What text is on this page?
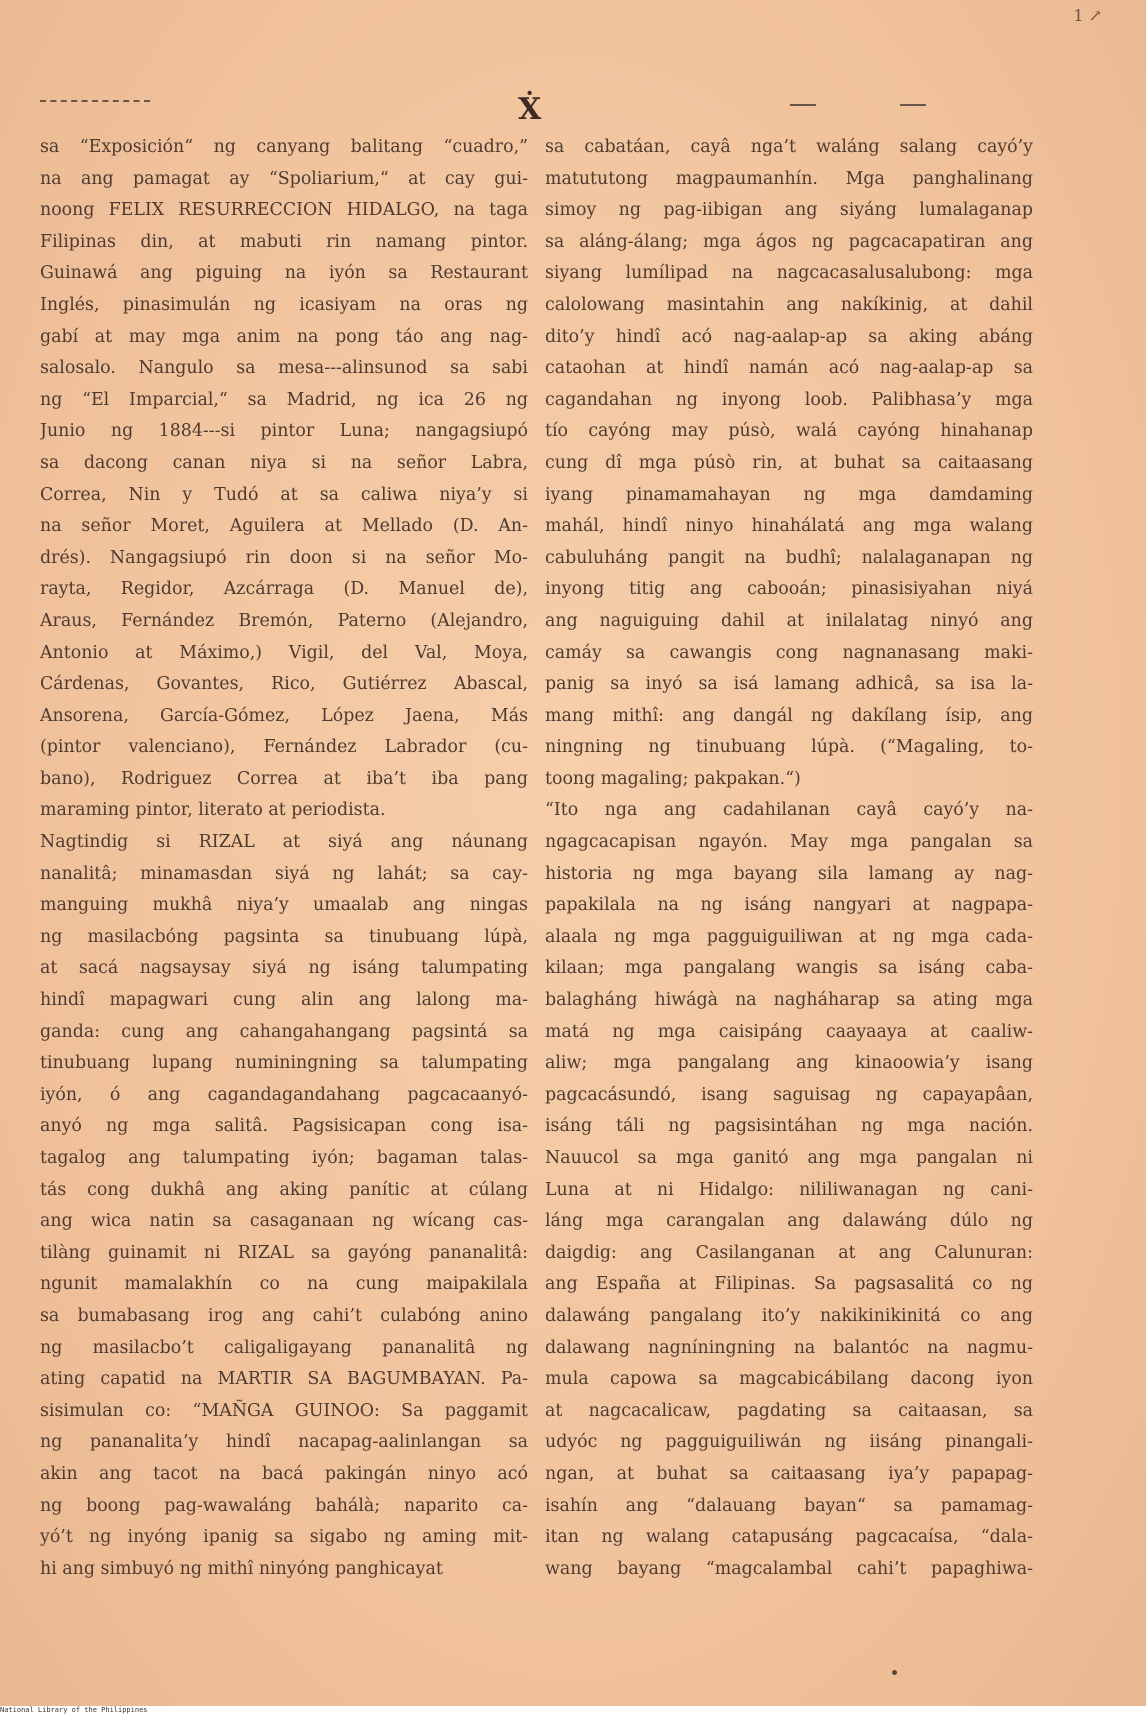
1 ↗
Ẋ
sa “Exposición“ ng canyang balitang “cuadro,”
na ang pamagat ay “Spoliarium,“ at cay gui-
noong FELIX RESURRECCION HIDALGO, na taga
Filipinas din, at mabuti rin namang pintor.
Guinawá ang piguing na iyón sa Restaurant
Inglés, pinasimulán ng icasiyam na oras ng
gabí at may mga anim na pong táo ang nag-
salosalo. Nangulo sa mesa---alinsunod sa sabi
ng “El Imparcial,“ sa Madrid, ng ica 26 ng
Junio ng 1884---si pintor Luna; nangagsiupó
sa dacong canan niya si na señor Labra,
Correa, Nin y Tudó at sa caliwa niya’y si
na señor Moret, Aguilera at Mellado (D. An-
drés). Nangagsiupó rin doon si na señor Mo-
rayta, Regidor, Azcárraga (D. Manuel de),
Araus, Fernández Bremón, Paterno (Alejandro,
Antonio at Máximo,) Vigil, del Val, Moya,
Cárdenas, Govantes, Rico, Gutiérrez Abascal,
Ansorena, García-Gómez, López Jaena, Más
(pintor valenciano), Fernández Labrador (cu-
bano), Rodriguez Correa at iba’t iba pang
maraming pintor, literato at periodista.
Nagtindig si RIZAL at siyá ang náunang
nanalitâ; minamasdan siyá ng lahát; sa cay-
manguing mukhâ niya’y umaalab ang ningas
ng masilacbóng pagsinta sa tinubuang lúpà,
at sacá nagsaysay siyá ng isáng talumpating
hindî mapagwari cung alin ang lalong ma-
ganda: cung ang cahangahangang pagsintá sa
tinubuang lupang numiningning sa talumpating
iyón, ó ang cagandagandahang pagcacaanyó-
anyó ng mga salitâ. Pagsisicapan cong isa-
tagalog ang talumpating iyón; bagaman talas-
tás cong dukhâ ang aking panític at cúlang
ang wica natin sa casaganaan ng wícang cas-
tilàng guinamit ni RIZAL sa gayóng pananalitâ:
ngunit mamalakhín co na cung maipakilala
sa bumabasang irog ang cahi’t culabóng anino
ng masilacbo’t caligaligayang pananalitâ ng
ating capatid na MARTIR SA BAGUMBAYAN. Pa-
sisimulan co: “MAÑGA GUINOO: Sa paggamit
ng pananalita’y hindî nacapag-aalinlangan sa
akin ang tacot na bacá pakingán ninyo acó
ng boong pag-wawaláng bahálà; naparito ca-
yó’t ng inyóng ipanig sa sigabo ng aming mit-
hi ang simbuyó ng mithî ninyóng panghicayat
sa cabatáan, cayâ nga’t waláng salang cayó’y
matututong magpaumanhín. Mga panghalinang
simoy ng pag-iibigan ang siyáng lumalaganap
sa aláng-álang; mga ágos ng pagcacapatiran ang
siyang lumílipad na nagcacasalusalubong: mga
calolowang masintahin ang nakíkinig, at dahil
dito’y hindî acó nag-aalap-ap sa aking abáng
cataohan at hindî namán acó nag-aalap-ap sa
cagandahan ng inyong loob. Palibhasa’y mga
tío cayóng may púsò, walá cayóng hinahanap
cung dî mga púsò rin, at buhat sa caitaasang
iyang pinamamahayan ng mga damdaming
mahál, hindî ninyo hinahálatá ang mga walang
cabuluháng pangit na budhî; nalalaganapan ng
inyong titig ang cabooán; pinasisiyahan niyá
ang naguiguing dahil at inilalatag ninyó ang
camáy sa cawangis cong nagnanasang maki-
panig sa inyó sa isá lamang adhicâ, sa isa la-
mang mithî: ang dangál ng dakílang ísip, ang
ningning ng tinubuang lúpà. (“Magaling, to-
toong magaling; pakpakan.“)
“Ito nga ang cadahilanan cayâ cayó’y na-
ngagcacapisan ngayón. May mga pangalan sa
historia ng mga bayang sila lamang ay nag-
papakilala na ng isáng nangyari at nagpapa-
alaala ng mga pagguiguiliwan at ng mga cada-
kilaan; mga pangalang wangis sa isáng caba-
balagháng hiwágà na nagháharap sa ating mga
matá ng mga caisipáng caayaaya at caaliw-
aliw; mga pangalang ang kinaoowia’y isang
pagcacásundó, isang saguisag ng capayapâan,
isáng táli ng pagsisintáhan ng mga nación.
Nauucol sa mga ganitó ang mga pangalan ni
Luna at ni Hidalgo: nililiwanagan ng cani-
láng mga carangalan ang dalawáng dúlo ng
daigdig: ang Casilanganan at ang Calunuran:
ang España at Filipinas. Sa pagsasalitá co ng
dalawáng pangalang ito’y nakikinikinitá co ang
dalawang nagníningning na balantóc na nagmu-
mula capowa sa magcabicábilang dacong iyon
at nagcacalicaw, pagdating sa caitaasan, sa
udyóc ng pagguiguiliwán ng iisáng pinangali-
ngan, at buhat sa caitaasang iya’y papapag-
isahín ang “dalauang bayan“ sa pamamag-
itan ng walang catapusáng pagcacaísa, “dala-
wang bayang “magcalambal cahi’t papaghiwa-
National Library of the Philippines
